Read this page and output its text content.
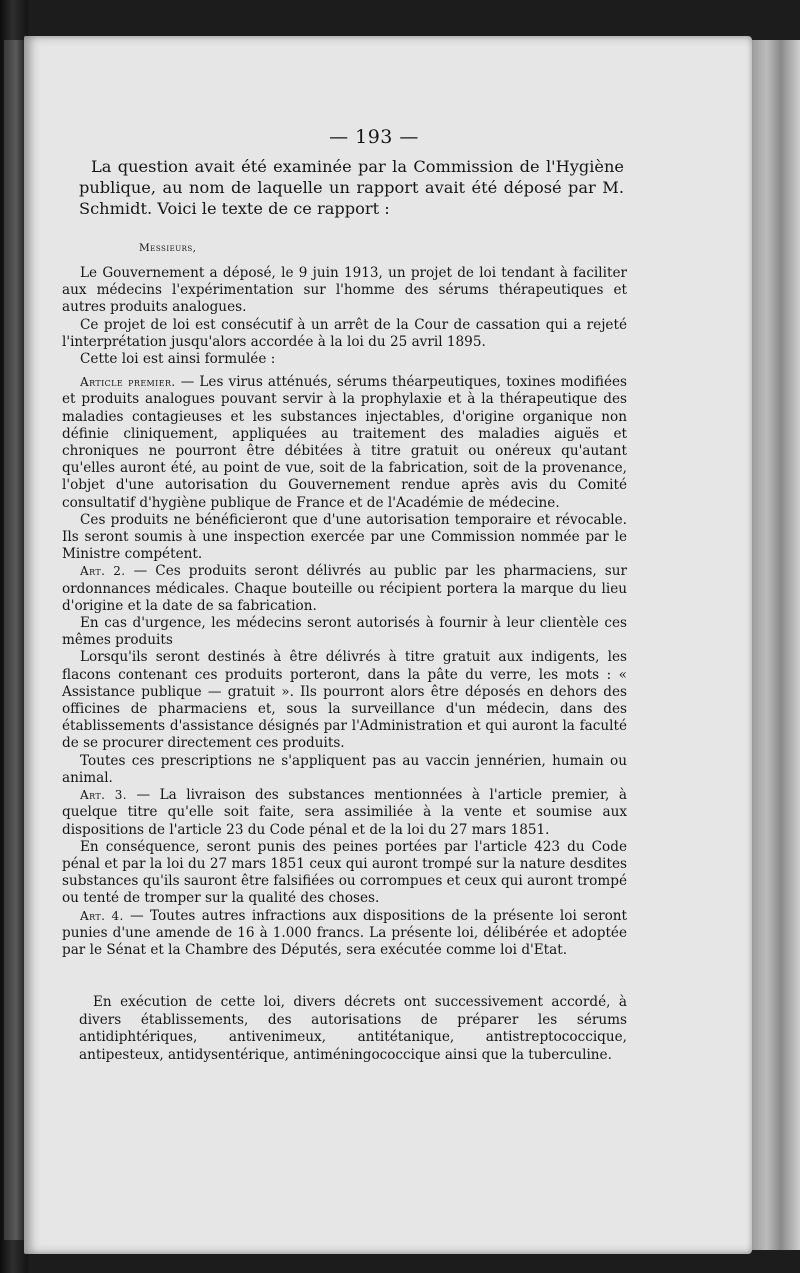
— 193 —

La question avait été examinée par la Commission de l'Hygiène publique, au nom de laquelle un rapport avait été déposé par M. Schmidt. Voici le texte de ce rapport :

Messieurs,

Le Gouvernement a déposé, le 9 juin 1913, un projet de loi tendant à faciliter aux médecins l'expérimentation sur l'homme des sérums thérapeutiques et autres produits analogues.

Ce projet de loi est consécutif à un arrêt de la Cour de cassation qui a rejeté l'interprétation jusqu'alors accordée à la loi du 25 avril 1895.

Cette loi est ainsi formulée :

Article premier. — Les virus atténués, sérums théarpeutiques, toxines modifiées et produits analogues pouvant servir à la prophylaxie et à la thérapeutique des maladies contagieuses et les substances injectables, d'origine organique non définie cliniquement, appliquées au traitement des maladies aiguës et chroniques ne pourront être débitées à titre gratuit ou onéreux qu'autant qu'elles auront été, au point de vue, soit de la fabrication, soit de la provenance, l'objet d'une autorisation du Gouvernement rendue après avis du Comité consultatif d'hygiène publique de France et de l'Académie de médecine.

Ces produits ne bénéficieront que d'une autorisation temporaire et révocable. Ils seront soumis à une inspection exercée par une Commission nommée par le Ministre compétent.

Art. 2. — Ces produits seront délivrés au public par les pharmaciens, sur ordonnances médicales. Chaque bouteille ou récipient portera la marque du lieu d'origine et la date de sa fabrication.

En cas d'urgence, les médecins seront autorisés à fournir à leur clientèle ces mêmes produits

Lorsqu'ils seront destinés à être délivrés à titre gratuit aux indigents, les flacons contenant ces produits porteront, dans la pâte du verre, les mots : « Assistance publique — gratuit ». Ils pourront alors être déposés en dehors des officines de pharmaciens et, sous la surveillance d'un médecin, dans des établissements d'assistance désignés par l'Administration et qui auront la faculté de se procurer directement ces produits.

Toutes ces prescriptions ne s'appliquent pas au vaccin jennérien, humain ou animal.

Art. 3. — La livraison des substances mentionnées à l'article premier, à quelque titre qu'elle soit faite, sera assimiliée à la vente et soumise aux dispositions de l'article 23 du Code pénal et de la loi du 27 mars 1851.

En conséquence, seront punis des peines portées par l'article 423 du Code pénal et par la loi du 27 mars 1851 ceux qui auront trompé sur la nature desdites substances qu'ils sauront être falsifiées ou corrompues et ceux qui auront trompé ou tenté de tromper sur la qualité des choses.

Art. 4. — Toutes autres infractions aux dispositions de la présente loi seront punies d'une amende de 16 à 1.000 francs. La présente loi, délibérée et adoptée par le Sénat et la Chambre des Députés, sera exécutée comme loi d'Etat.

En exécution de cette loi, divers décrets ont successivement accordé, à divers établissements, des autorisations de préparer les sérums antidiphtériques, antivenimeux, antitétanique, antistreptococcique, antipesteux, antidysentérique, antiméningococcique ainsi que la tuberculine.
